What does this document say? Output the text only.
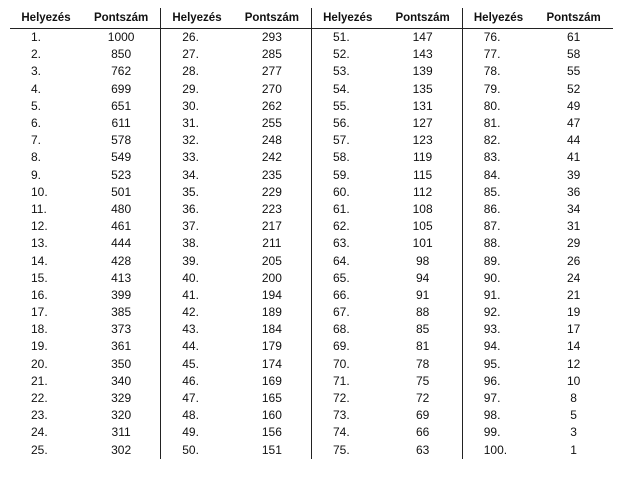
Helyezés	Pontszám	Helyezés	Pontszám	Helyezés	Pontszám	Helyezés	Pontszám
1.	1000	26.	293	51.	147	76.	61
2.	850	27.	285	52.	143	77.	58
3.	762	28.	277	53.	139	78.	55
4.	699	29.	270	54.	135	79.	52
5.	651	30.	262	55.	131	80.	49
6.	611	31.	255	56.	127	81.	47
7.	578	32.	248	57.	123	82.	44
8.	549	33.	242	58.	119	83.	41
9.	523	34.	235	59.	115	84.	39
10.	501	35.	229	60.	112	85.	36
11.	480	36.	223	61.	108	86.	34
12.	461	37.	217	62.	105	87.	31
13.	444	38.	211	63.	101	88.	29
14.	428	39.	205	64.	98	89.	26
15.	413	40.	200	65.	94	90.	24
16.	399	41.	194	66.	91	91.	21
17.	385	42.	189	67.	88	92.	19
18.	373	43.	184	68.	85	93.	17
19.	361	44.	179	69.	81	94.	14
20.	350	45.	174	70.	78	95.	12
21.	340	46.	169	71.	75	96.	10
22.	329	47.	165	72.	72	97.	8
23.	320	48.	160	73.	69	98.	5
24.	311	49.	156	74.	66	99.	3
25.	302	50.	151	75.	63	100.	1
